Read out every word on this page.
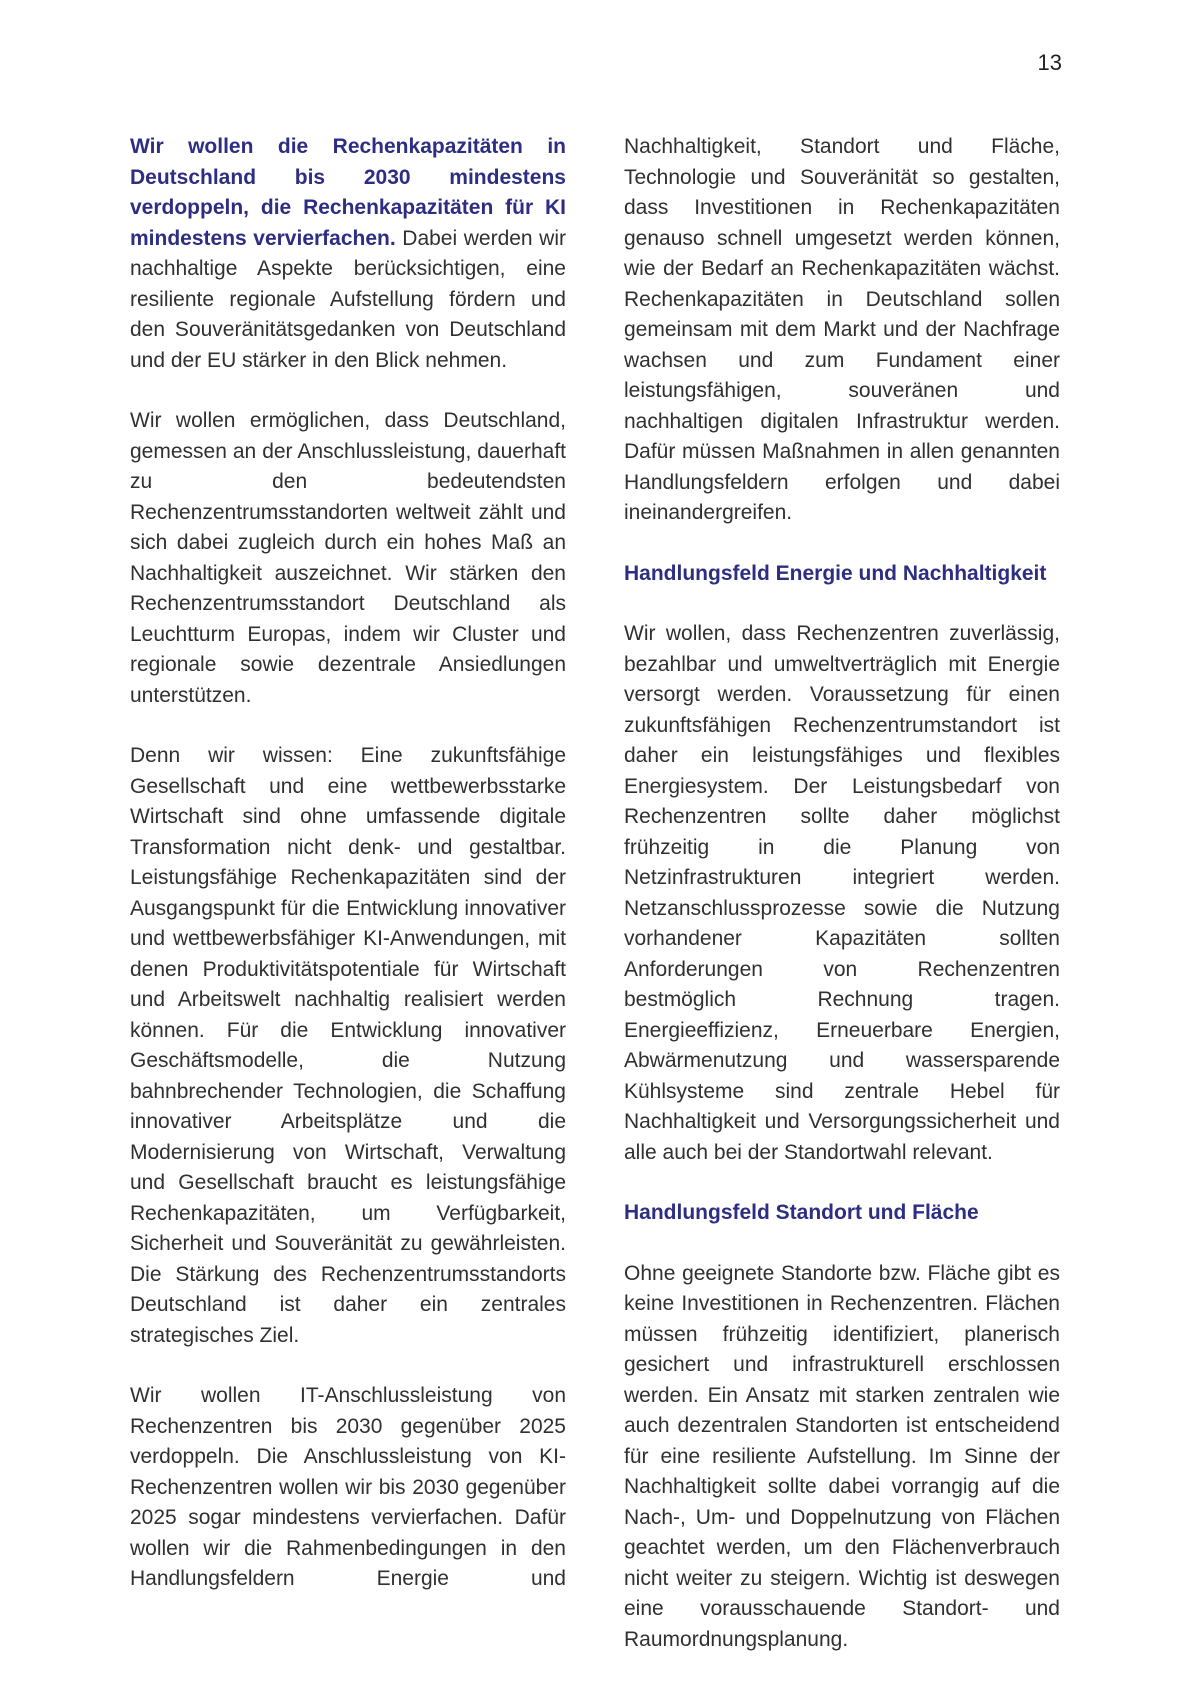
13

Wir wollen die Rechenkapazitäten in Deutschland bis 2030 mindestens verdoppeln, die Rechenkapazitäten für KI mindestens vervierfachen. Dabei werden wir nachhaltige Aspekte berücksichtigen, eine resiliente regionale Aufstellung fördern und den Souveränitätsgedanken von Deutschland und der EU stärker in den Blick nehmen.

Wir wollen ermöglichen, dass Deutschland, gemessen an der Anschlussleistung, dauerhaft zu den bedeutendsten Rechenzentrumsstandorten weltweit zählt und sich dabei zugleich durch ein hohes Maß an Nachhaltigkeit auszeichnet. Wir stärken den Rechenzentrumsstandort Deutschland als Leuchtturm Europas, indem wir Cluster und regionale sowie dezentrale Ansiedlungen unterstützen.

Denn wir wissen: Eine zukunftsfähige Gesellschaft und eine wettbewerbsstarke Wirtschaft sind ohne umfassende digitale Transformation nicht denk- und gestaltbar. Leistungsfähige Rechenkapazitäten sind der Ausgangspunkt für die Entwicklung innovativer und wettbewerbsfähiger KI-Anwendungen, mit denen Produktivitätspotentiale für Wirtschaft und Arbeitswelt nachhaltig realisiert werden können. Für die Entwicklung innovativer Geschäftsmodelle, die Nutzung bahnbrechender Technologien, die Schaffung innovativer Arbeitsplätze und die Modernisierung von Wirtschaft, Verwaltung und Gesellschaft braucht es leistungsfähige Rechenkapazitäten, um Verfügbarkeit, Sicherheit und Souveränität zu gewährleisten. Die Stärkung des Rechenzentrumsstandorts Deutschland ist daher ein zentrales strategisches Ziel.

Wir wollen IT-Anschlussleistung von Rechenzentren bis 2030 gegenüber 2025 verdoppeln. Die Anschlussleistung von KI-Rechenzentren wollen wir bis 2030 gegenüber 2025 sogar mindestens vervierfachen. Dafür wollen wir die Rahmenbedingungen in den Handlungsfeldern Energie und

Nachhaltigkeit, Standort und Fläche, Technologie und Souveränität so gestalten, dass Investitionen in Rechenkapazitäten genauso schnell umgesetzt werden können, wie der Bedarf an Rechenkapazitäten wächst. Rechenkapazitäten in Deutschland sollen gemeinsam mit dem Markt und der Nachfrage wachsen und zum Fundament einer leistungsfähigen, souveränen und nachhaltigen digitalen Infrastruktur werden. Dafür müssen Maßnahmen in allen genannten Handlungsfeldern erfolgen und dabei ineinandergreifen.

Handlungsfeld Energie und Nachhaltigkeit

Wir wollen, dass Rechenzentren zuverlässig, bezahlbar und umweltverträglich mit Energie versorgt werden. Voraussetzung für einen zukunftsfähigen Rechenzentrumstandort ist daher ein leistungsfähiges und flexibles Energiesystem. Der Leistungsbedarf von Rechenzentren sollte daher möglichst frühzeitig in die Planung von Netzinfrastrukturen integriert werden. Netzanschlussprozesse sowie die Nutzung vorhandener Kapazitäten sollten Anforderungen von Rechenzentren bestmöglich Rechnung tragen. Energieeffizienz, Erneuerbare Energien, Abwärmenutzung und wassersparende Kühlsysteme sind zentrale Hebel für Nachhaltigkeit und Versorgungssicherheit und alle auch bei der Standortwahl relevant.

Handlungsfeld Standort und Fläche

Ohne geeignete Standorte bzw. Fläche gibt es keine Investitionen in Rechenzentren. Flächen müssen frühzeitig identifiziert, planerisch gesichert und infrastrukturell erschlossen werden. Ein Ansatz mit starken zentralen wie auch dezentralen Standorten ist entscheidend für eine resiliente Aufstellung. Im Sinne der Nachhaltigkeit sollte dabei vorrangig auf die Nach-, Um- und Doppelnutzung von Flächen geachtet werden, um den Flächenverbrauch nicht weiter zu steigern. Wichtig ist deswegen eine vorausschauende Standort- und Raumordnungsplanung.
